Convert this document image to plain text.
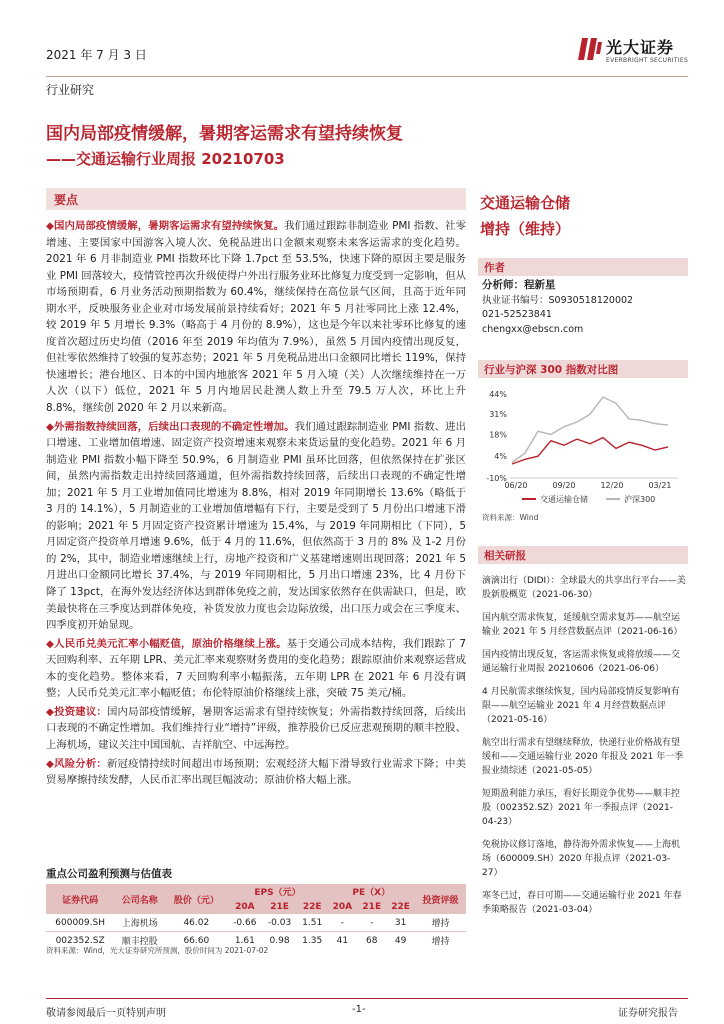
2021 年 7 月 3 日	光大证券
EVERBRIGHT SECURITIES
行业研究
国内局部疫情缓解，暑期客运需求有望持续恢复
——交通运输行业周报 20210703
要点

◆国内局部疫情缓解，暑期客运需求有望持续恢复。我们通过跟踪非制造业 PMI 指数、社零增速、主要国家中国游客入境人次、免税品进出口金额来观察未来客运需求的变化趋势。2021 年 6 月非制造业 PMI 指数环比下降 1.7pct 至 53.5%，快速下降的原因主要是服务业 PMI 回落较大，疫情管控再次升级使得户外出行服务业环比修复力度受到一定影响，但从市场预期看，6 月业务活动预期指数为 60.4%，继续保持在高位景气区间，且高于近年同期水平，反映服务业企业对市场发展前景持续看好；2021 年 5 月社零同比上涨 12.4%，较 2019 年 5 月增长 9.3%（略高于 4 月份的 8.9%），这也是今年以来社零环比修复的速度首次超过历史均值（2016 年至 2019 年均值为 7.9%），虽然 5 月国内疫情出现反复，但社零依然维持了较强的复苏态势；2021 年 5 月免税品进出口金额同比增长 119%，保持快速增长；港台地区、日本的中国内地旅客 2021 年 5 月入境（关）人次继续维持在一万人次（以下）低位，2021 年 5 月内地居民赴澳人数上升至 79.5 万人次，环比上升 8.8%，继续创 2020 年 2 月以来新高。

◆外需指数持续回落，后续出口表现的不确定性增加。我们通过跟踪制造业 PMI 指数、进出口增速、工业增加值增速、固定资产投资增速来观察未来货运量的变化趋势。2021 年 6 月制造业 PMI 指数小幅下降至 50.9%，6 月制造业 PMI 虽环比回落，但依然保持在扩张区间，虽然内需指数走出持续回落通道，但外需指数持续回落，后续出口表现的不确定性增加；2021 年 5 月工业增加值同比增速为 8.8%，相对 2019 年同期增长 13.6%（略低于 3 月的 14.1%），5 月制造业的工业增加值增幅有下行，主要是受到了 5 月份出口增速下滑的影响；2021 年 5 月固定资产投资累计增速为 15.4%，与 2019 年同期相比（下同），5 月固定资产投资单月增速 9.6%，低于 4 月的 11.6%，但依然高于 3 月的 8% 及 1-2 月份的 2%，其中，制造业增速继续上行，房地产投资和广义基建增速则出现回落；2021 年 5 月进出口金额同比增长 37.4%，与 2019 年同期相比，5 月出口增速 23%，比 4 月份下降了 13pct，在海外发达经济体达到群体免疫之前，发达国家依然存在供需缺口，但是，欧美最快将在三季度达到群体免疫，补货发放力度也会边际放缓，出口压力或会在三季度末、四季度初开始显现。

◆人民币兑美元汇率小幅贬值，原油价格继续上涨。基于交通公司成本结构，我们跟踪了 7 天回购利率、五年期 LPR、美元汇率来观察财务费用的变化趋势；跟踪原油价来观察运营成本的变化趋势。整体来看，7 天回购利率小幅振荡，五年期 LPR 在 2021 年 6 月没有调整；人民币兑美元汇率小幅贬值；布伦特原油价格继续上涨，突破 75 美元/桶。

◆投资建议：国内局部疫情缓解，暑期客运需求有望持续恢复；外需指数持续回落，后续出口表现的不确定性增加。我们维持行业“增持”评级，推荐股价已反应悲观预期的顺丰控股、上海机场，建议关注中国国航、吉祥航空、中远海控。

◆风险分析：新冠疫情持续时间超出市场预期；宏观经济大幅下滑导致行业需求下降；中美贸易摩擦持续发酵，人民币汇率出现巨幅波动；原油价格大幅上涨。

交通运输仓储
增持（维持）
作者
分析师：程新星
执业证书编号：S0930518120002
021-52523841
chengxx@ebscn.com
行业与沪深 300 指数对比图
44%
31%
18%
4%
-10%
06/20	09/20	12/20	03/21
交通运输仓储	沪深300
资料来源：Wind
相关研报
滴滴出行（DIDI）：全球最大的共享出行平台——美股新股概览（2021-06-30）
国内航空需求恢复，延缓航空需求复苏——航空运输业 2021 年 5 月经营数据点评（2021-06-16）
国内疫情出现反复，客运需求恢复或将放缓——交通运输行业周报 20210606（2021-06-06）
4 月民航需求继续恢复，国内局部疫情反复影响有限——航空运输业 2021 年 4 月经营数据点评（2021-05-16）
航空出行需求有望继续释放，快递行业价格战有望缓和——交通运输行业 2020 年报及 2021 年一季报业绩综述（2021-05-05）
短期盈利能力承压，看好长期竞争优势——顺丰控股（002352.SZ）2021 年一季报点评（2021-04-23）
免税协议修订落地，静待海外需求恢复——上海机场（600009.SH）2020 年报点评（2021-03-27）
寒冬已过，春日可期——交通运输行业 2021 年春季策略报告（2021-03-04）
重点公司盈利预测与估值表
证券代码	公司名称	股价（元）	EPS（元）			PE（X）			投资评级
			20A	21E	22E	20A	21E	22E	
600009.SH	上海机场	46.02	-0.66	-0.03	1.51	-	-	31	增持
002352.SZ	顺丰控股	66.60	1.61	0.98	1.35	41	68	49	增持
资料来源：Wind，光大证券研究所预测，股价时间为 2021-07-02
敬请参阅最后一页特别声明	-1-	证券研究报告
